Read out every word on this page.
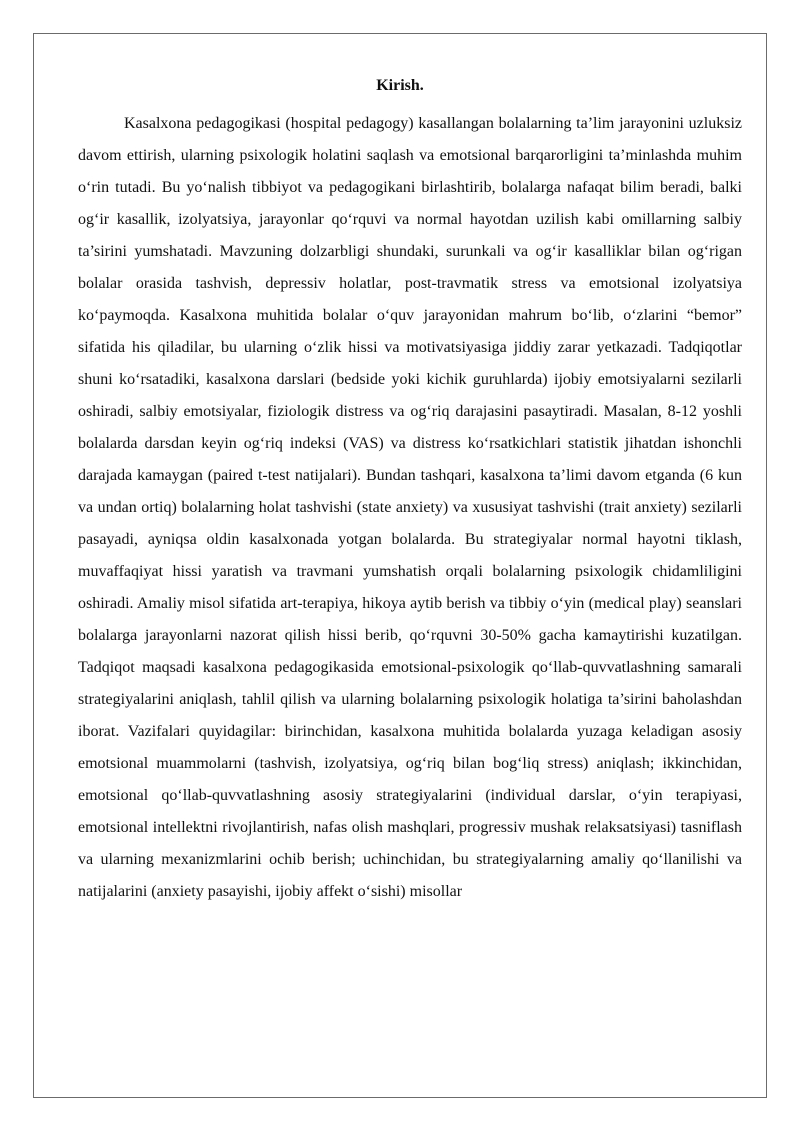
Kirish.

Kasalxona pedagogikasi (hospital pedagogy) kasallangan bolalarning ta’lim jarayonini uzluksiz davom ettirish, ularning psixologik holatini saqlash va emotsional barqarorligini ta’minlashda muhim o‘rin tutadi. Bu yo‘nalish tibbiyot va pedagogikani birlashtirib, bolalarga nafaqat bilim beradi, balki og‘ir kasallik, izolyatsiya, jarayonlar qo‘rquvi va normal hayotdan uzilish kabi omillarning salbiy ta’sirini yumshatadi. Mavzuning dolzarbligi shundaki, surunkali va og‘ir kasalliklar bilan og‘rigan bolalar orasida tashvish, depressiv holatlar, post-travmatik stress va emotsional izolyatsiya ko‘paymoqda. Kasalxona muhitida bolalar o‘quv jarayonidan mahrum bo‘lib, o‘zlarini “bemor” sifatida his qiladilar, bu ularning o‘zlik hissi va motivatsiyasiga jiddiy zarar yetkazadi. Tadqiqotlar shuni ko‘rsatadiki, kasalxona darslari (bedside yoki kichik guruhlarda) ijobiy emotsiyalarni sezilarli oshiradi, salbiy emotsiyalar, fiziologik distress va og‘riq darajasini pasaytiradi. Masalan, 8-12 yoshli bolalarda darsdan keyin og‘riq indeksi (VAS) va distress ko‘rsatkichlari statistik jihatdan ishonchli darajada kamaygan (paired t-test natijalari). Bundan tashqari, kasalxona ta’limi davom etganda (6 kun va undan ortiq) bolalarning holat tashvishi (state anxiety) va xususiyat tashvishi (trait anxiety) sezilarli pasayadi, ayniqsa oldin kasalxonada yotgan bolalarda. Bu strategiyalar normal hayotni tiklash, muvaffaqiyat hissi yaratish va travmani yumshatish orqali bolalarning psixologik chidamliligini oshiradi. Amaliy misol sifatida art-terapiya, hikoya aytib berish va tibbiy o‘yin (medical play) seanslari bolalarga jarayonlarni nazorat qilish hissi berib, qo‘rquvni 30-50% gacha kamaytirishi kuzatilgan. Tadqiqot maqsadi kasalxona pedagogikasida emotsional-psixologik qo‘llab-quvvatlashning samarali strategiyalarini aniqlash, tahlil qilish va ularning bolalarning psixologik holatiga ta’sirini baholashdan iborat. Vazifalari quyidagilar: birinchidan, kasalxona muhitida bolalarda yuzaga keladigan asosiy emotsional muammolarni (tashvish, izolyatsiya, og‘riq bilan bog‘liq stress) aniqlash; ikkinchidan, emotsional qo‘llab-quvvatlashning asosiy strategiyalarini (individual darslar, o‘yin terapiyasi, emotsional intellektni rivojlantirish, nafas olish mashqlari, progressiv mushak relaksatsiyasi) tasniflash va ularning mexanizmlarini ochib berish; uchinchidan, bu strategiyalarning amaliy qo‘llanilishi va natijalarini (anxiety pasayishi, ijobiy affekt o‘sishi) misollar
